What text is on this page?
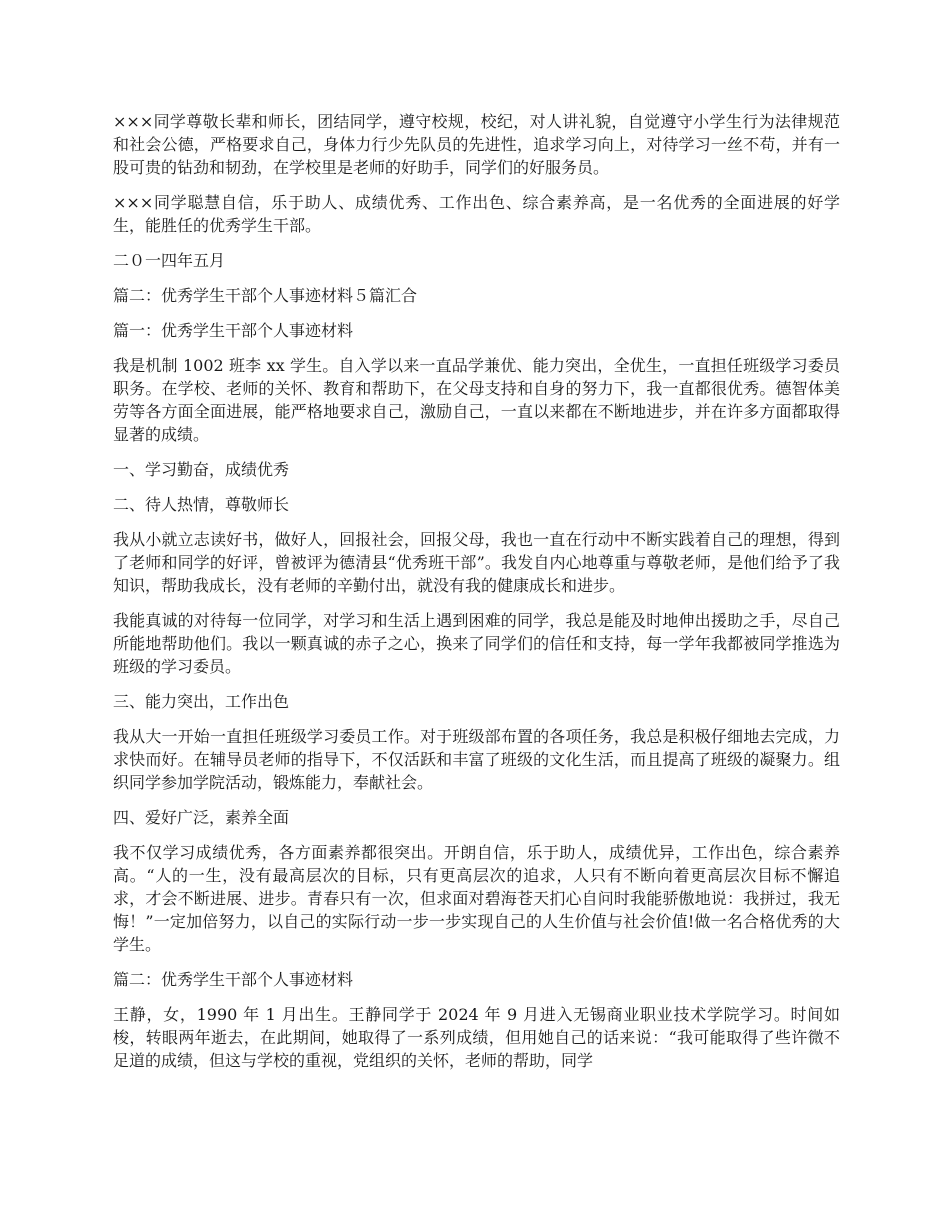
×××同学尊敬长辈和师长，团结同学，遵守校规，校纪，对人讲礼貌，自觉遵守小学生行为法律规范和社会公德，严格要求自己，身体力行少先队员的先进性，追求学习向上，对待学习一丝不苟，并有一股可贵的钻劲和韧劲，在学校里是老师的好助手，同学们的好服务员。

×××同学聪慧自信，乐于助人、成绩优秀、工作出色、综合素养高，是一名优秀的全面进展的好学生，能胜任的优秀学生干部。

二０一四年五月

篇二：优秀学生干部个人事迹材料５篇汇合

篇一：优秀学生干部个人事迹材料

我是机制 1002 班李 xx 学生。自入学以来一直品学兼优、能力突出，全优生，一直担任班级学习委员职务。在学校、老师的关怀、教育和帮助下，在父母支持和自身的努力下，我一直都很优秀。德智体美劳等各方面全面进展，能严格地要求自己，激励自己，一直以来都在不断地进步，并在许多方面都取得显著的成绩。

一、学习勤奋，成绩优秀

二、待人热情，尊敬师长

我从小就立志读好书，做好人，回报社会，回报父母，我也一直在行动中不断实践着自己的理想，得到了老师和同学的好评，曾被评为德清县“优秀班干部”。我发自内心地尊重与尊敬老师，是他们给予了我知识，帮助我成长，没有老师的辛勤付出，就没有我的健康成长和进步。

我能真诚的对待每一位同学，对学习和生活上遇到困难的同学，我总是能及时地伸出援助之手，尽自己所能地帮助他们。我以一颗真诚的赤子之心，换来了同学们的信任和支持，每一学年我都被同学推选为班级的学习委员。

三、能力突出，工作出色

我从大一开始一直担任班级学习委员工作。对于班级部布置的各项任务，我总是积极仔细地去完成，力求快而好。在辅导员老师的指导下，不仅活跃和丰富了班级的文化生活，而且提高了班级的凝聚力。组织同学参加学院活动，锻炼能力，奉献社会。

四、爱好广泛，素养全面

我不仅学习成绩优秀，各方面素养都很突出。开朗自信，乐于助人，成绩优异，工作出色，综合素养高。“人的一生，没有最高层次的目标，只有更高层次的追求，人只有不断向着更高层次目标不懈追求，才会不断进展、进步。青春只有一次，但求面对碧海苍天扪心自问时我能骄傲地说：我拼过，我无悔！”一定加倍努力，以自己的实际行动一步一步实现自己的人生价值与社会价值!做一名合格优秀的大学生。

篇二：优秀学生干部个人事迹材料

王静，女，1990 年 1 月出生。王静同学于 2024 年 9 月进入无锡商业职业技术学院学习。时间如梭，转眼两年逝去，在此期间，她取得了一系列成绩，但用她自己的话来说：“我可能取得了些许微不足道的成绩，但这与学校的重视，党组织的关怀，老师的帮助，同学
